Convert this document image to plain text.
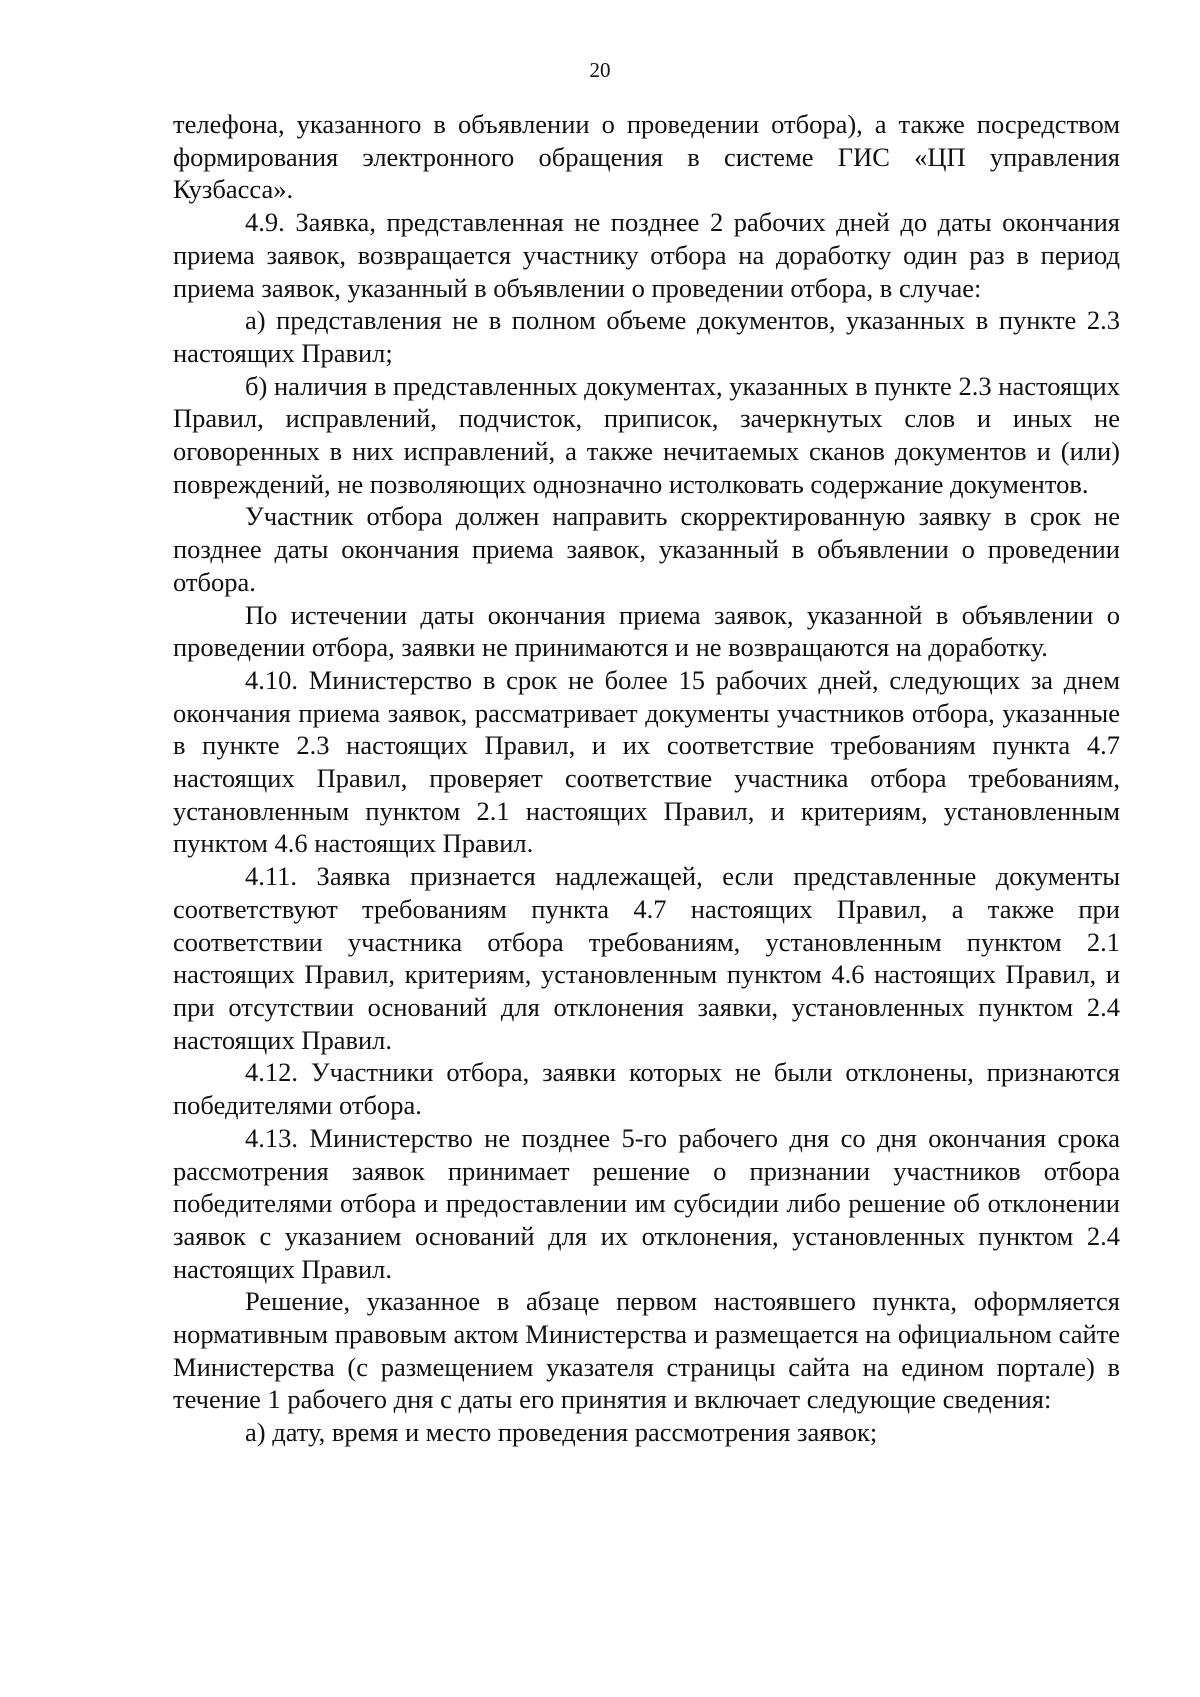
20

телефона, указанного в объявлении о проведении отбора), а также посредством формирования электронного обращения в системе ГИС «ЦП управления Кузбасса».

4.9. Заявка, представленная не позднее 2 рабочих дней до даты окончания приема заявок, возвращается участнику отбора на доработку один раз в период приема заявок, указанный в объявлении о проведении отбора, в случае:

а) представления не в полном объеме документов, указанных в пункте 2.3 настоящих Правил;

б) наличия в представленных документах, указанных в пункте 2.3 настоящих Правил, исправлений, подчисток, приписок, зачеркнутых слов и иных не оговоренных в них исправлений, а также нечитаемых сканов документов и (или) повреждений, не позволяющих однозначно истолковать содержание документов.

Участник отбора должен направить скорректированную заявку в срок не позднее даты окончания приема заявок, указанный в объявлении о проведении отбора.

По истечении даты окончания приема заявок, указанной в объявлении о проведении отбора, заявки не принимаются и не возвращаются на доработку.

4.10. Министерство в срок не более 15 рабочих дней, следующих за днем окончания приема заявок, рассматривает документы участников отбора, указанные в пункте 2.3 настоящих Правил, и их соответствие требованиям пункта 4.7 настоящих Правил, проверяет соответствие участника отбора требованиям, установленным пунктом 2.1 настоящих Правил, и критериям, установленным пунктом 4.6 настоящих Правил.

4.11. Заявка признается надлежащей, если представленные документы соответствуют требованиям пункта 4.7 настоящих Правил, а также при соответствии участника отбора требованиям, установленным пунктом 2.1 настоящих Правил, критериям, установленным пунктом 4.6 настоящих Правил, и при отсутствии оснований для отклонения заявки, установленных пунктом 2.4 настоящих Правил.

4.12. Участники отбора, заявки которых не были отклонены, признаются победителями отбора.

4.13. Министерство не позднее 5-го рабочего дня со дня окончания срока рассмотрения заявок принимает решение о признании участников отбора победителями отбора и предоставлении им субсидии либо решение об отклонении заявок с указанием оснований для их отклонения, установленных пунктом 2.4 настоящих Правил.

Решение, указанное в абзаце первом настоявшего пункта, оформляется нормативным правовым актом Министерства и размещается на официальном сайте Министерства (с размещением указателя страницы сайта на едином портале) в течение 1 рабочего дня с даты его принятия и включает следующие сведения:

а) дату, время и место проведения рассмотрения заявок;
